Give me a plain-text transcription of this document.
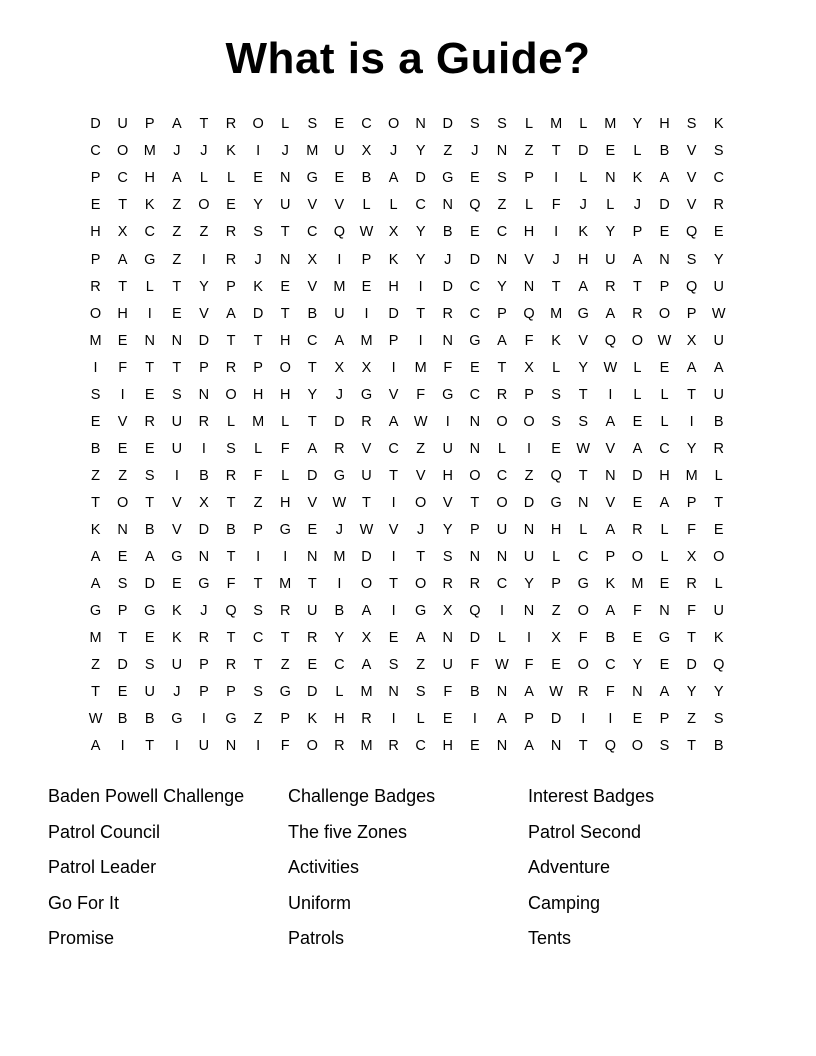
What is a Guide?
D	U	P	A	T	R	O	L	S	E	C	O	N	D	S	S	L	M	L	M	Y	H	S	K
C	O	M	J	J	K	I	J	M	U	X	J	Y	Z	J	N	Z	T	D	E	L	B	V	S
P	C	H	A	L	L	E	N	G	E	B	A	D	G	E	S	P	I	L	N	K	A	V	C
E	T	K	Z	O	E	Y	U	V	V	L	L	C	N	Q	Z	L	F	J	L	J	D	V	R
H	X	C	Z	Z	R	S	T	C	Q	W	X	Y	B	E	C	H	I	K	Y	P	E	Q	E
P	A	G	Z	I	R	J	N	X	I	P	K	Y	J	D	N	V	J	H	U	A	N	S	Y
R	T	L	T	Y	P	K	E	V	M	E	H	I	D	C	Y	N	T	A	R	T	P	Q	U
O	H	I	E	V	A	D	T	B	U	I	D	T	R	C	P	Q	M	G	A	R	O	P	W
M	E	N	N	D	T	T	H	C	A	M	P	I	N	G	A	F	K	V	Q	O	W	X	U
I	F	T	T	P	R	P	O	T	X	X	I	M	F	E	T	X	L	Y	W	L	E	A	A
S	I	E	S	N	O	H	H	Y	J	G	V	F	G	C	R	P	S	T	I	L	L	T	U
E	V	R	U	R	L	M	L	T	D	R	A	W	I	N	O	O	S	S	A	E	L	I	B
B	E	E	U	I	S	L	F	A	R	V	C	Z	U	N	L	I	E	W	V	A	C	Y	R
Z	Z	S	I	B	R	F	L	D	G	U	T	V	H	O	C	Z	Q	T	N	D	H	M	L
T	O	T	V	X	T	Z	H	V	W	T	I	O	V	T	O	D	G	N	V	E	A	P	T
K	N	B	V	D	B	P	G	E	J	W	V	J	Y	P	U	N	H	L	A	R	L	F	E
A	E	A	G	N	T	I	I	N	M	D	I	T	S	N	N	U	L	C	P	O	L	X	O
A	S	D	E	G	F	T	M	T	I	O	T	O	R	R	C	Y	P	G	K	M	E	R	L
G	P	G	K	J	Q	S	R	U	B	A	I	G	X	Q	I	N	Z	O	A	F	N	F	U
M	T	E	K	R	T	C	T	R	Y	X	E	A	N	D	L	I	X	F	B	E	G	T	K
Z	D	S	U	P	R	T	Z	E	C	A	S	Z	U	F	W	F	E	O	C	Y	E	D	Q
T	E	U	J	P	P	S	G	D	L	M	N	S	F	B	N	A	W	R	F	N	A	Y	Y
W	B	B	G	I	G	Z	P	K	H	R	I	L	E	I	A	P	D	I	I	E	P	Z	S
A	I	T	I	U	N	I	F	O	R	M	R	C	H	E	N	A	N	T	Q	O	S	T	B
Baden Powell Challenge
Patrol Council
Patrol Leader
Go For It
Promise
Challenge Badges
The five Zones
Activities
Uniform
Patrols
Interest Badges
Patrol Second
Adventure
Camping
Tents
